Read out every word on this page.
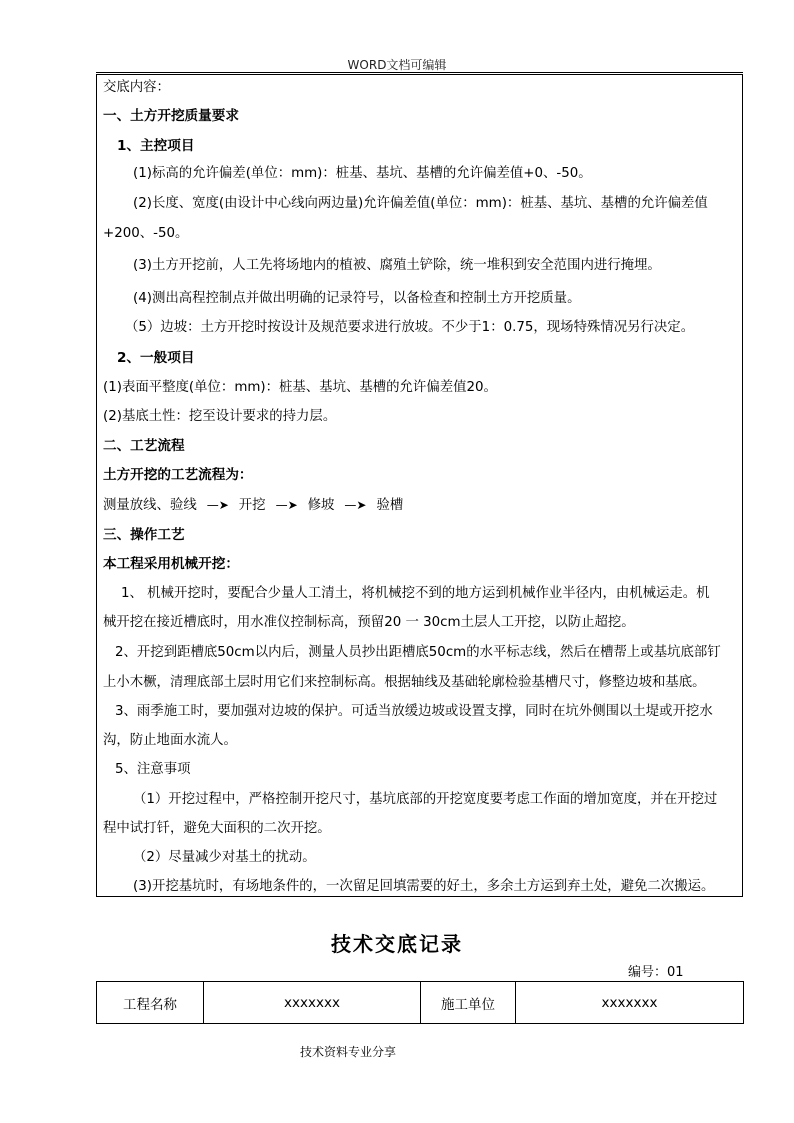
WORD文档可编辑
交底内容：
一、土方开挖质量要求
1、主控项目
(1)标高的允许偏差(单位：mm)：桩基、基坑、基槽的允许偏差值+0、-50。
(2)长度、宽度(由设计中心线向两边量)允许偏差值(单位：mm)：桩基、基坑、基槽的允许偏差值
+200、-50。
(3)土方开挖前，人工先将场地内的植被、腐殖土铲除，统一堆积到安全范围内进行掩埋。
(4)测出高程控制点并做出明确的记录符号，以备检查和控制土方开挖质量。
（5）边坡：土方开挖时按设计及规范要求进行放坡。不少于1：0.75，现场特殊情况另行决定。
2、一般项目
(1)表面平整度(单位：mm)：桩基、基坑、基槽的允许偏差值20。
(2)基底土性：挖至设计要求的持力层。
二、工艺流程
土方开挖的工艺流程为：
测量放线、验线 —➤ 开挖 —➤ 修坡 —➤ 验槽
三、操作工艺
本工程采用机械开挖：
1、 机械开挖时，要配合少量人工清土，将机械挖不到的地方运到机械作业半径内，由机械运走。机
械开挖在接近槽底时，用水准仪控制标高，预留20 一 30cm土层人工开挖，以防止超挖。
2、开挖到距槽底50cm以内后，测量人员抄出距槽底50cm的水平标志线，然后在槽帮上或基坑底部钉
上小木橛，清理底部土层时用它们来控制标高。根据轴线及基础轮廓检验基槽尺寸，修整边坡和基底。
3、雨季施工时，要加强对边坡的保护。可适当放缓边坡或设置支撑，同时在坑外侧围以土堤或开挖水
沟，防止地面水流人。
5、注意事项
（1）开挖过程中，严格控制开挖尺寸，基坑底部的开挖宽度要考虑工作面的增加宽度，并在开挖过
程中试打钎，避免大面积的二次开挖。
（2）尽量减少对基土的扰动。
(3)开挖基坑时，有场地条件的，一次留足回填需要的好土，多余土方运到弃土处，避免二次搬运。
技术交底记录
编号：01
工程名称	xxxxxxx	施工单位	xxxxxxx
技术资料专业分享
